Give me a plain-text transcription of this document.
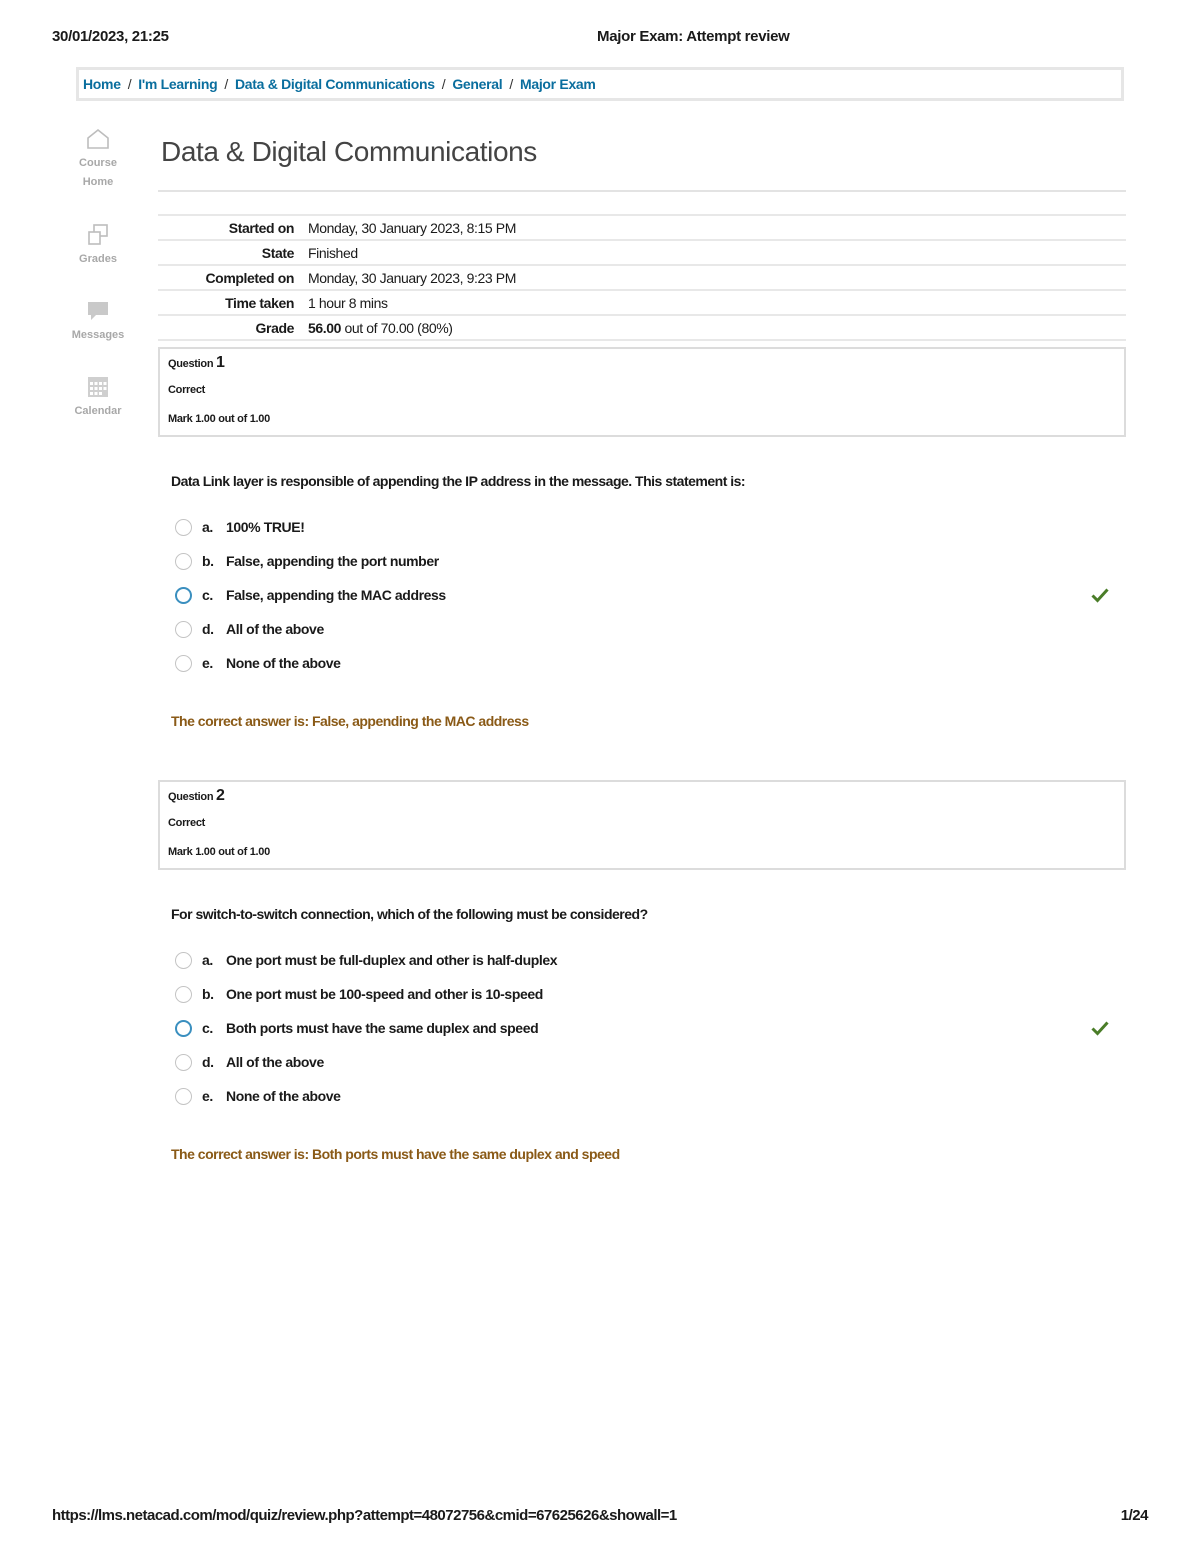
30/01/2023, 21:25	Major Exam: Attempt review
Home / I'm Learning / Data & Digital Communications / General / Major Exam
Course Home
Grades
Messages
Calendar
Data & Digital Communications
Started on	Monday, 30 January 2023, 8:15 PM
State	Finished
Completed on	Monday, 30 January 2023, 9:23 PM
Time taken	1 hour 8 mins
Grade	56.00 out of 70.00 (80%)
Question 1
Correct
Mark 1.00 out of 1.00
Data Link layer is responsible of appending the IP address in the message. This statement is:
a. 100% TRUE!
b. False, appending the port number
c. False, appending the MAC address
d. All of the above
e. None of the above
The correct answer is: False, appending the MAC address
Question 2
Correct
Mark 1.00 out of 1.00
For switch-to-switch connection, which of the following must be considered?
a. One port must be full-duplex and other is half-duplex
b. One port must be 100-speed and other is 10-speed
c. Both ports must have the same duplex and speed
d. All of the above
e. None of the above
The correct answer is: Both ports must have the same duplex and speed
https://lms.netacad.com/mod/quiz/review.php?attempt=48072756&cmid=67625626&showall=1	1/24
